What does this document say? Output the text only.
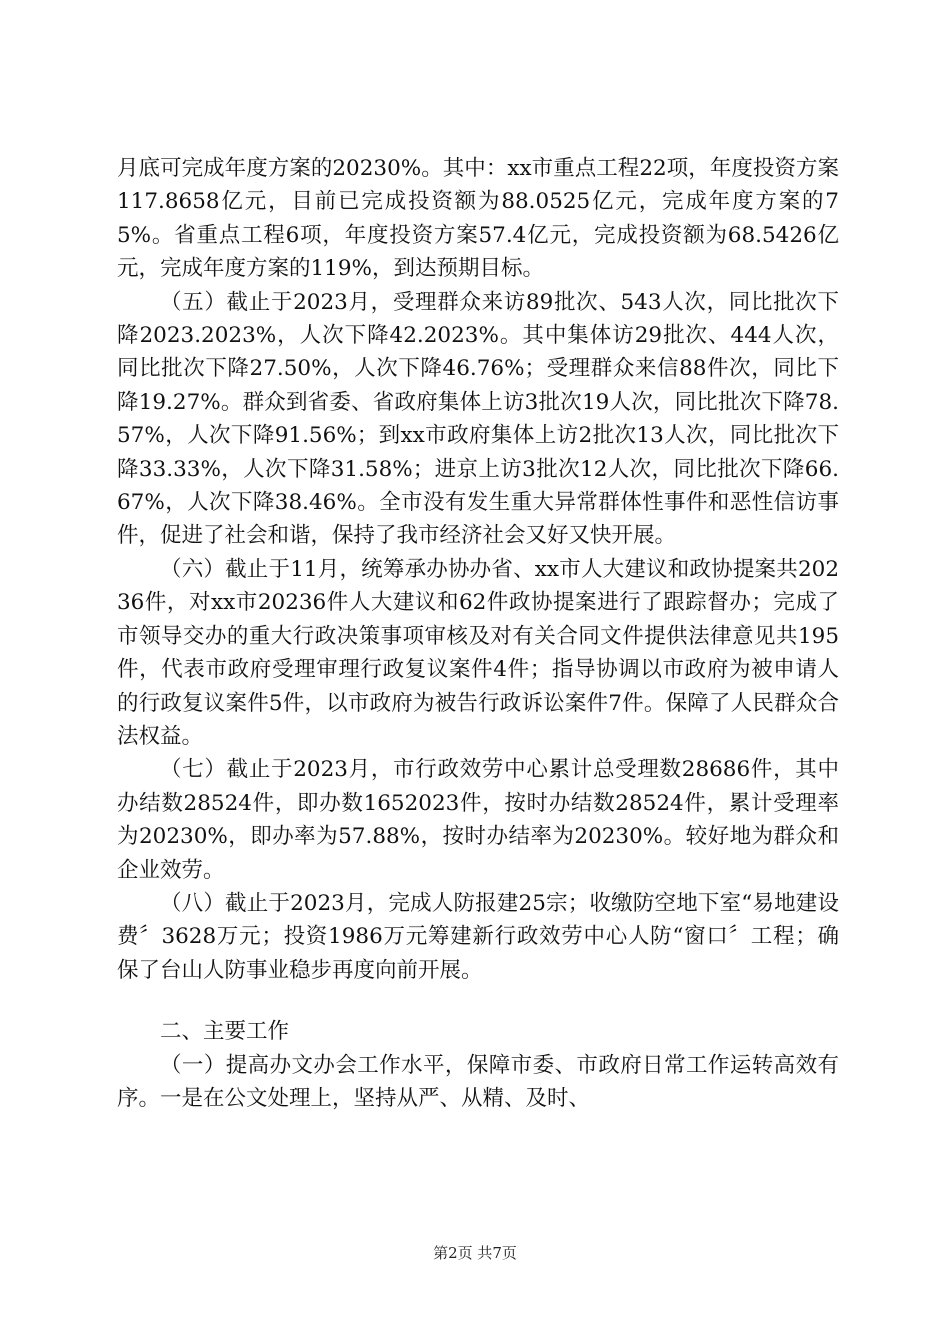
月底可完成年度方案的20230%。其中：xx市重点工程22项，年度投资方案117.8658亿元，目前已完成投资额为88.0525亿元，完成年度方案的75%。省重点工程6项，年度投资方案57.4亿元，完成投资额为68.5426亿元，完成年度方案的119%，到达预期目标。

（五）截止于2023月，受理群众来访89批次、543人次，同比批次下降2023.2023%，人次下降42.2023%。其中集体访29批次、444人次，同比批次下降27.50%，人次下降46.76%；受理群众来信88件次，同比下降19.27%。群众到省委、省政府集体上访3批次19人次，同比批次下降78.57%，人次下降91.56%；到xx市政府集体上访2批次13人次，同比批次下降33.33%，人次下降31.58%；进京上访3批次12人次，同比批次下降66.67%，人次下降38.46%。全市没有发生重大异常群体性事件和恶性信访事件，促进了社会和谐，保持了我市经济社会又好又快开展。

（六）截止于11月，统筹承办协办省、xx市人大建议和政协提案共20236件，对xx市20236件人大建议和62件政协提案进行了跟踪督办；完成了市领导交办的重大行政决策事项审核及对有关合同文件提供法律意见共195件，代表市政府受理审理行政复议案件4件；指导协调以市政府为被申请人的行政复议案件5件，以市政府为被告行政诉讼案件7件。保障了人民群众合法权益。

（七）截止于2023月，市行政效劳中心累计总受理数28686件，其中办结数28524件，即办数1652023件，按时办结数28524件，累计受理率为20230%，即办率为57.88%，按时办结率为20230%。较好地为群众和企业效劳。

（八）截止于2023月，完成人防报建25宗；收缴防空地下室“易地建设费〞3628万元；投资1986万元筹建新行政效劳中心人防“窗口〞工程；确保了台山人防事业稳步再度向前开展。

二、主要工作

（一）提高办文办会工作水平，保障市委、市政府日常工作运转高效有序。一是在公文处理上，坚持从严、从精、及时、

第2页 共7页
